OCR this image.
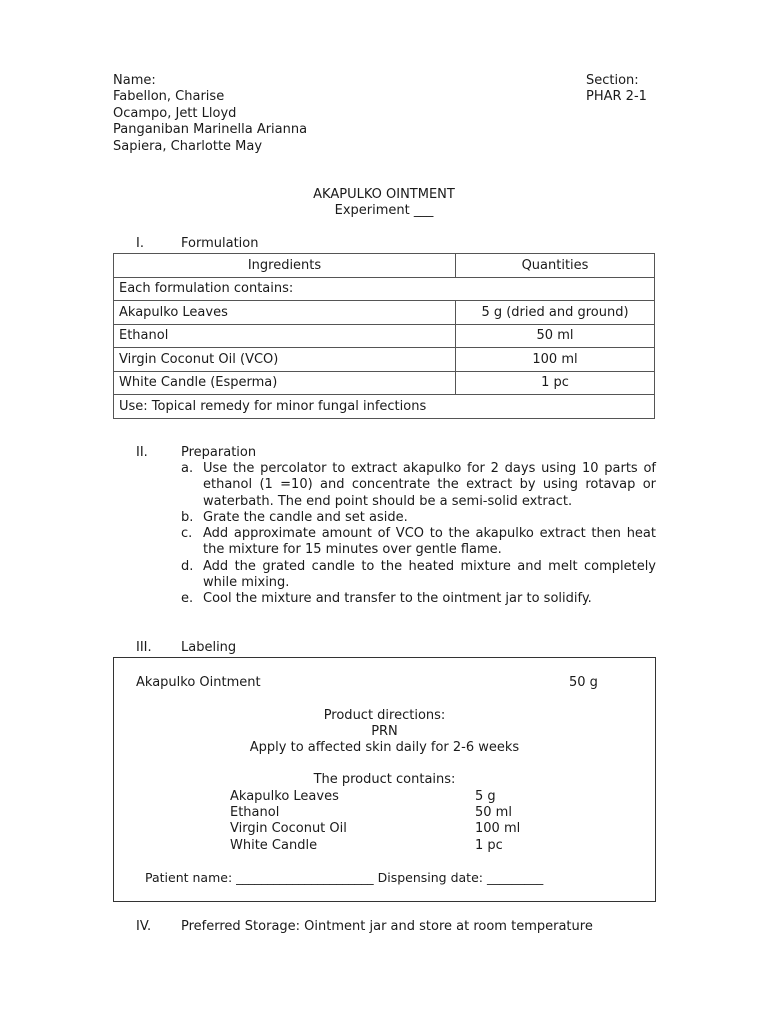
Name:	Section:
PHAR 2-1
Fabellon, Charise
Ocampo, Jett Lloyd
Panganiban Marinella Arianna
Sapiera, Charlotte May
AKAPULKO OINTMENT
Experiment ___
I.	Formulation
Ingredients	Quantities
Each formulation contains:	
Akapulko Leaves	5 g (dried and ground)
Ethanol	50 ml
Virgin Coconut Oil (VCO)	100 ml
White Candle (Esperma)	1 pc
Use: Topical remedy for minor fungal infections	
II.	Preparation
a. Use the percolator to extract akapulko for 2 days using 10 parts of ethanol (1 =10) and concentrate the extract by using rotavap or waterbath. The end point should be a semi-solid extract.
b. Grate the candle and set aside.
c. Add approximate amount of VCO to the akapulko extract then heat the mixture for 15 minutes over gentle flame.
d. Add the grated candle to the heated mixture and melt completely while mixing.
e. Cool the mixture and transfer to the ointment jar to solidify.
III. Labeling
Akapulko Ointment	50 g
Product directions:
PRN
Apply to affected skin daily for 2-6 weeks
The product contains:
Akapulko Leaves	5 g
Ethanol	50 ml
Virgin Coconut Oil	100 ml
White Candle	1 pc
Patient name: ______________________ Dispensing date: _________
IV. Preferred Storage: Ointment jar and store at room temperature
